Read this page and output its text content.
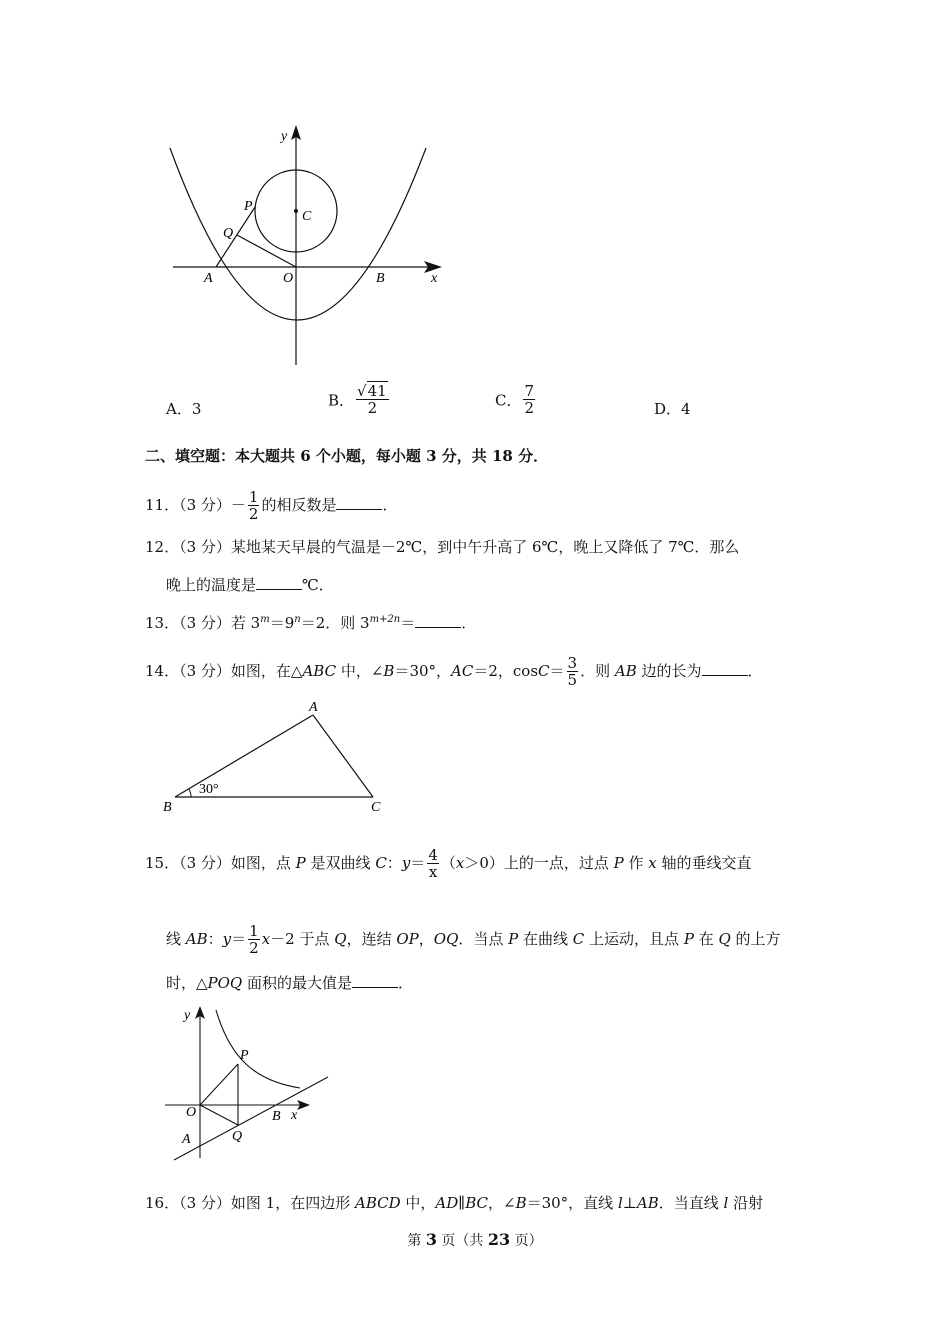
y
P
Q
C
A	O	B	x
A．3	B． $\frac{√41}{2}$	C． $\frac{7}{2}$	D．4
二、填空题：本大题共 6 个小题，每小题 3 分，共 18 分．
11．（3 分）－ $\frac{1}{2}$ 的相反数是	．
12．（3 分）某地某天早晨的气温是－2℃，到中午升高了 6℃，晚上又降低了 7℃．那么
晚上的温度是	℃．
13．（3 分）若 $3^m=9^n=2$．则 $3^{m+2n}=$	．
14．（3 分）如图，在△ABC 中，∠B＝30°，AC＝2，$\cos C= \frac{3}{5}$ ．则 AB 边的长为	．
30°
A
B	C
15．（3 分）如图，点 P 是双曲线 C：$y= \frac{4}{x} (x>0)$上的一点，过点 P 作 x 轴的垂线交直
线 AB：$y= \frac{1}{2} x-2$ 于点 Q，连结 OP，OQ．当点 P 在曲线 C 上运动，且点 P 在 Q 的上方
时，△POQ 面积的最大值是	．
y
P
O	B x
A	Q
16．（3 分）如图 1，在四边形 ABCD 中，AD∥BC，∠B＝30°，直线 l⊥AB．当直线 l 沿射
第 3 页（共 23 页）
